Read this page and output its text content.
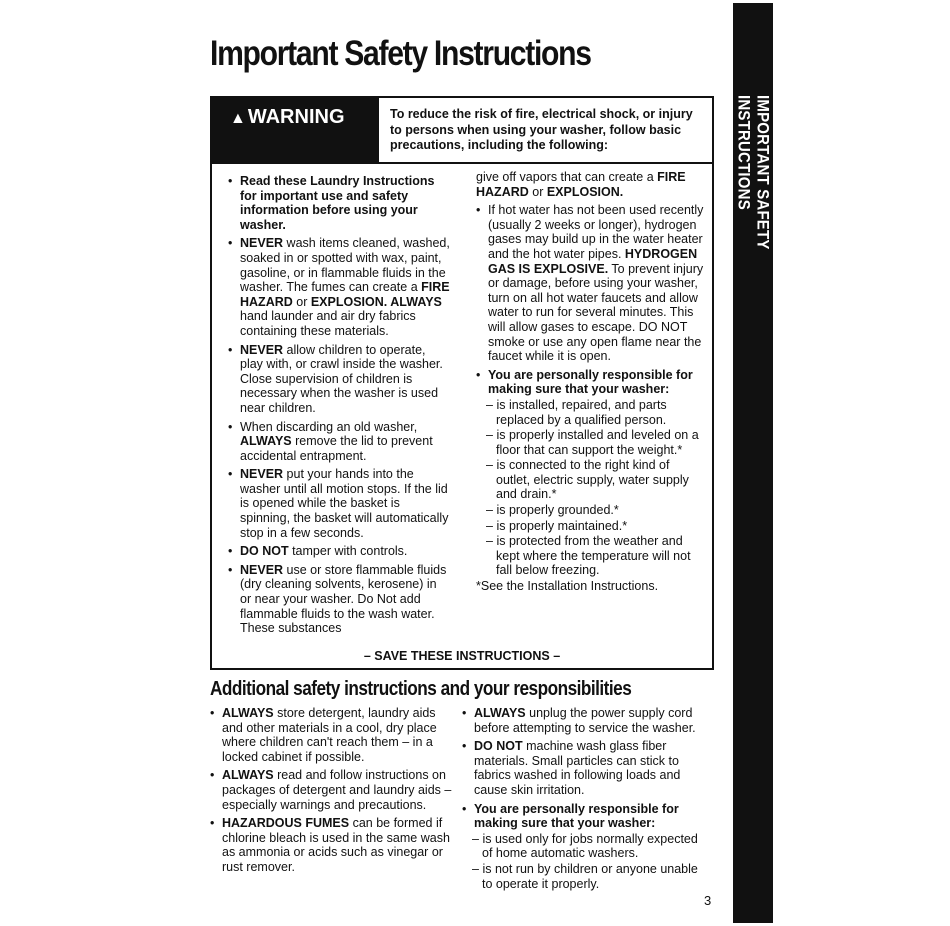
IMPORTANT SAFETY INSTRUCTIONS
Important Safety Instructions
▲ WARNING	To reduce the risk of fire, electrical shock, or injury to persons when using your washer, follow basic precautions, including the following:

• Read these Laundry Instructions for important use and safety information before using your washer.

• NEVER wash items cleaned, washed, soaked in or spotted with wax, paint, gasoline, or in flammable fluids in the washer. The fumes can create a FIRE HAZARD or EXPLOSION. ALWAYS hand launder and air dry fabrics containing these materials.

• NEVER allow children to operate, play with, or crawl inside the washer. Close supervision of children is necessary when the washer is used near children.

• When discarding an old washer, ALWAYS remove the lid to prevent accidental entrapment.

• NEVER put your hands into the washer until all motion stops. If the lid is opened while the basket is spinning, the basket will automatically stop in a few seconds.

• DO NOT tamper with controls.

• NEVER use or store flammable fluids (dry cleaning solvents, kerosene) in or near your washer. Do Not add flammable fluids to the wash water. These substances

give off vapors that can create a FIRE HAZARD or EXPLOSION.

• If hot water has not been used recently (usually 2 weeks or longer), hydrogen gases may build up in the water heater and the hot water pipes. HYDROGEN GAS IS EXPLOSIVE. To prevent injury or damage, before using your washer, turn on all hot water faucets and allow water to run for several minutes. This will allow gases to escape. DO NOT smoke or use any open flame near the faucet while it is open.

• You are personally responsible for making sure that your washer:

– is installed, repaired, and parts replaced by a qualified person.

– is properly installed and leveled on a floor that can support the weight.*

– is connected to the right kind of outlet, electric supply, water supply and drain.*

– is properly grounded.*

– is properly maintained.*

– is protected from the weather and kept where the temperature will not fall below freezing.

*See the Installation Instructions.

– SAVE THESE INSTRUCTIONS –
Additional safety instructions and your responsibilities

• ALWAYS store detergent, laundry aids and other materials in a cool, dry place where children can't reach them – in a locked cabinet if possible.

• ALWAYS read and follow instructions on packages of detergent and laundry aids – especially warnings and precautions.

• HAZARDOUS FUMES can be formed if chlorine bleach is used in the same wash as ammonia or acids such as vinegar or rust remover.

• ALWAYS unplug the power supply cord before attempting to service the washer.

• DO NOT machine wash glass fiber materials. Small particles can stick to fabrics washed in following loads and cause skin irritation.

• You are personally responsible for making sure that your washer:

– is used only for jobs normally expected of home automatic washers.

– is not run by children or anyone unable to operate it properly.

3
